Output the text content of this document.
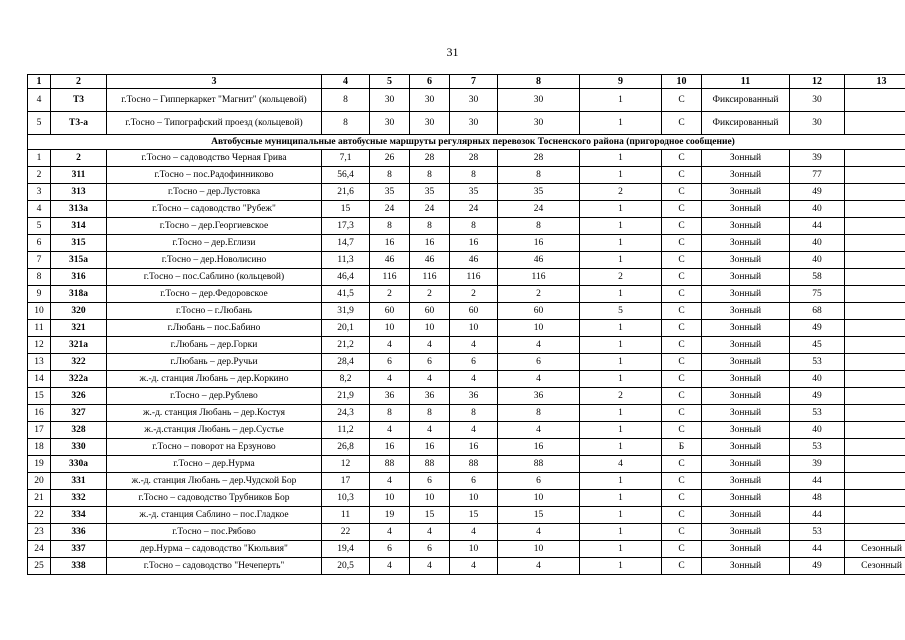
31
1	2	3	4	5	6	7	8	9	10	11	12	13
4	Т3	г.Тосно – Гипперкаркет "Магнит" (кольцевой)	8	30	30	30	30	1	С	Фиксированный	30	
5	Т3-а	г.Тосно – Типографский проезд (кольцевой)	8	30	30	30	30	1	С	Фиксированный	30	
Автобусные муниципальные автобусные маршруты регулярных перевозок Тосненского района (пригородное сообщение)												
1	2	г.Тосно – садоводство Черная Грива	7,1	26	28	28	28	1	С	Зонный	39	
2	311	г.Тосно – пос.Радофинниково	56,4	8	8	8	8	1	С	Зонный	77	
3	313	г.Тосно – дер.Лустовка	21,6	35	35	35	35	2	С	Зонный	49	
4	313а	г.Тосно – садоводство "Рубеж"	15	24	24	24	24	1	С	Зонный	40	
5	314	г.Тосно – дер.Георгиевское	17,3	8	8	8	8	1	С	Зонный	44	
6	315	г.Тосно – дер.Еглизи	14,7	16	16	16	16	1	С	Зонный	40	
7	315а	г.Тосно – дер.Новолисино	11,3	46	46	46	46	1	С	Зонный	40	
8	316	г.Тосно – пос.Саблино (кольцевой)	46,4	116	116	116	116	2	С	Зонный	58	
9	318а	г.Тосно – дер.Федоровское	41,5	2	2	2	2	1	С	Зонный	75	
10	320	г.Тосно – г.Любань	31,9	60	60	60	60	5	С	Зонный	68	
11	321	г.Любань – пос.Бабино	20,1	10	10	10	10	1	С	Зонный	49	
12	321а	г.Любань – дер.Горки	21,2	4	4	4	4	1	С	Зонный	45	
13	322	г.Любань – дер.Ручьи	28,4	6	6	6	6	1	С	Зонный	53	
14	322а	ж.-д. станция Любань – дер.Коркино	8,2	4	4	4	4	1	С	Зонный	40	
15	326	г.Тосно – дер.Рублево	21,9	36	36	36	36	2	С	Зонный	49	
16	327	ж.-д. станция Любань – дер.Костуя	24,3	8	8	8	8	1	С	Зонный	53	
17	328	ж.-д.станция Любань – дер.Сустье	11,2	4	4	4	4	1	С	Зонный	40	
18	330	г.Тосно – поворот на Ерзуново	26,8	16	16	16	16	1	Б	Зонный	53	
19	330а	г.Тосно – дер.Нурма	12	88	88	88	88	4	С	Зонный	39	
20	331	ж.-д. станция Любань – дер.Чудской Бор	17	4	6	6	6	1	С	Зонный	44	
21	332	г.Тосно – садоводство Трубников Бор	10,3	10	10	10	10	1	С	Зонный	48	
22	334	ж.-д. станция Саблино – пос.Гладкое	11	19	15	15	15	1	С	Зонный	44	
23	336	г.Тосно – пос.Рябово	22	4	4	4	4	1	С	Зонный	53	
24	337	дер.Нурма – садоводство "Кюльвия"	19,4	6	6	10	10	1	С	Зонный	44	Сезонный
25	338	г.Тосно – садоводство "Нечеперть"	20,5	4	4	4	4	1	С	Зонный	49	Сезонный
